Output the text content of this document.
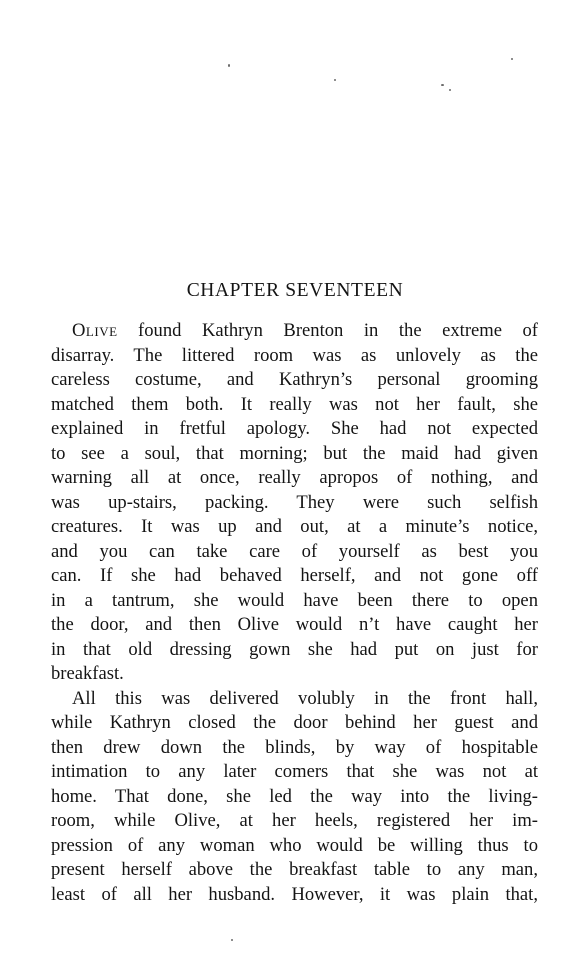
CHAPTER SEVENTEEN
Olive found Kathryn Brenton in the extreme of
disarray. The littered room was as unlovely as the
careless costume, and Kathryn’s personal grooming
matched them both. It really was not her fault, she
explained in fretful apology. She had not expected
to see a soul, that morning; but the maid had given
warning all at once, really apropos of nothing, and
was up-stairs, packing. They were such selfish
creatures. It was up and out, at a minute’s notice,
and you can take care of yourself as best you
can. If she had behaved herself, and not gone off
in a tantrum, she would have been there to open
the door, and then Olive would n’t have caught her
in that old dressing gown she had put on just for
breakfast.
All this was delivered volubly in the front hall,
while Kathryn closed the door behind her guest and
then drew down the blinds, by way of hospitable
intimation to any later comers that she was not at
home. That done, she led the way into the living-
room, while Olive, at her heels, registered her im-
pression of any woman who would be willing thus to
present herself above the breakfast table to any man,
least of all her husband. However, it was plain that,
